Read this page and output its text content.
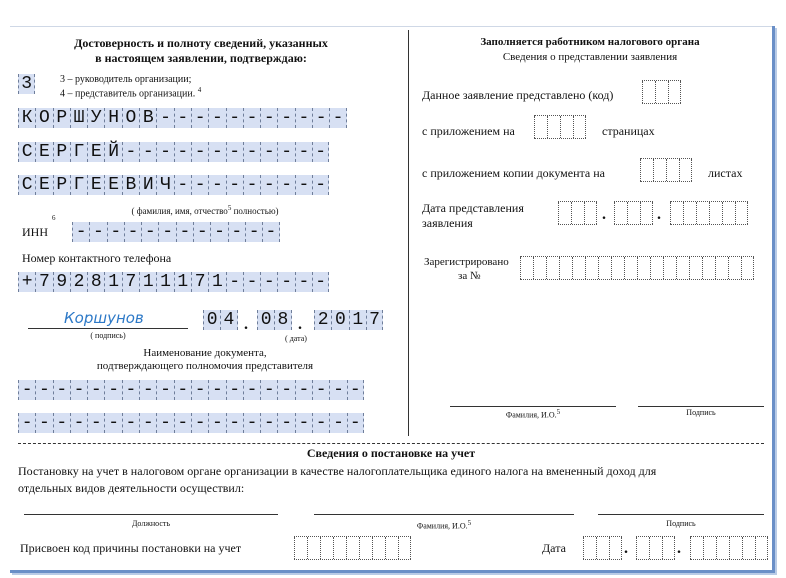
Достоверность и полноту сведений, указанных
в настоящем заявлении, подтверждаю:
3	3 – руководитель организации;
4 – представитель организации. $^4$
К О Р Ш У Н О В - - - - - - - - - - -
С Е Р Г Е Й - - - - - - - - - - - -
С Е Р Г Е Е В И Ч - - - - - - - - -
( фамилия, имя, отчество$^5$ полностью)
ИНН
6
- - - - - - - - - - - -
Номер контактного телефона
+ 7 9 2 8 1 7 1 1 1 7 1 - - - - - -
Коршунов
( подпись)
0 4 . 0 8 . 2 0 1 7
( дата)
Наименование документа,
подтверждающего полномочия представителя
- - - - - - - - - - - - - - - - - - - -
- - - - - - - - - - - - - - - - - - - -
Заполняется работником налогового органа
Сведения о представлении заявления
Данное заявление представлено (код)
с приложением на	страницах
с приложением копии документа на	листах
Дата представления
заявления	.	.
Зарегистрировано
за №
Фамилия, И.О.$^5$	Подпись
Сведения о постановке на учет
Постановку на учет в налоговом органе организации в качестве налогоплательщика единого налога на вмененный доход для
отдельных видов деятельности осуществил:
Должность	Фамилия, И.О.$^5$	Подпись
Присвоен код причины постановки на учет	Дата	.	.
